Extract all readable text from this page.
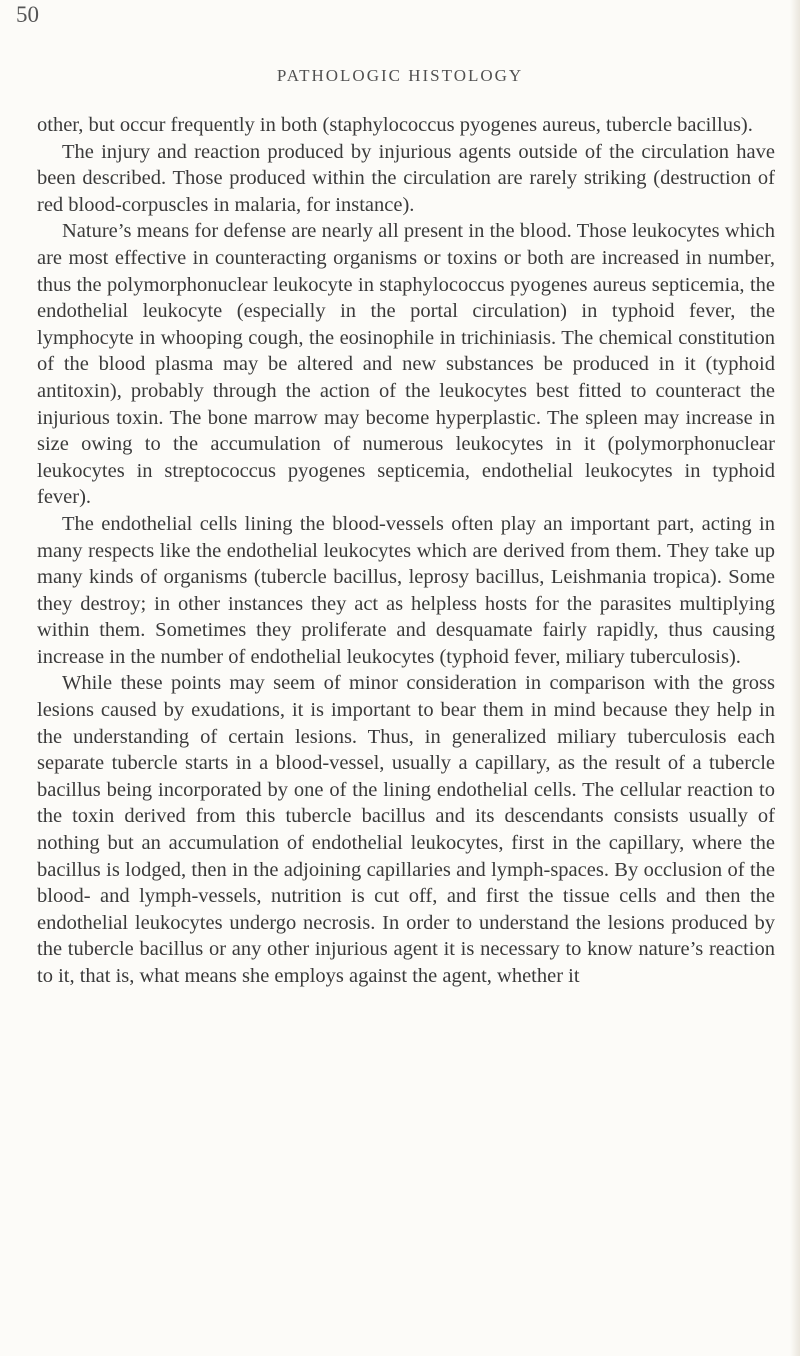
50
PATHOLOGIC HISTOLOGY

other, but occur frequently in both (staphylococcus pyogenes aureus, tubercle bacillus).

The injury and reaction produced by injurious agents outside of the circulation have been described. Those produced within the circulation are rarely striking (destruction of red blood-corpuscles in malaria, for instance).

Nature’s means for defense are nearly all present in the blood. Those leukocytes which are most effective in counteracting organisms or toxins or both are increased in number, thus the polymorphonuclear leukocyte in staphylococcus pyogenes aureus septicemia, the endothelial leukocyte (especially in the portal circulation) in typhoid fever, the lymphocyte in whooping cough, the eosinophile in trichiniasis. The chemical constitution of the blood plasma may be altered and new substances be produced in it (typhoid antitoxin), probably through the action of the leukocytes best fitted to counteract the injurious toxin. The bone marrow may become hyperplastic. The spleen may increase in size owing to the accumulation of numerous leukocytes in it (polymorphonuclear leukocytes in streptococcus pyogenes septicemia, endothelial leukocytes in typhoid fever).

The endothelial cells lining the blood-vessels often play an important part, acting in many respects like the endothelial leukocytes which are derived from them. They take up many kinds of organisms (tubercle bacillus, leprosy bacillus, Leishmania tropica). Some they destroy; in other instances they act as helpless hosts for the parasites multiplying within them. Sometimes they proliferate and desquamate fairly rapidly, thus causing increase in the number of endothelial leukocytes (typhoid fever, miliary tuberculosis).

While these points may seem of minor consideration in comparison with the gross lesions caused by exudations, it is important to bear them in mind because they help in the understanding of certain lesions. Thus, in generalized miliary tuberculosis each separate tubercle starts in a blood-vessel, usually a capillary, as the result of a tubercle bacillus being incorporated by one of the lining endothelial cells. The cellular reaction to the toxin derived from this tubercle bacillus and its descendants consists usually of nothing but an accumulation of endothelial leukocytes, first in the capillary, where the bacillus is lodged, then in the adjoining capillaries and lymph-spaces. By occlusion of the blood- and lymph-vessels, nutrition is cut off, and first the tissue cells and then the endothelial leukocytes undergo necrosis. In order to understand the lesions produced by the tubercle bacillus or any other injurious agent it is necessary to know nature’s reaction to it, that is, what means she employs against the agent, whether it
